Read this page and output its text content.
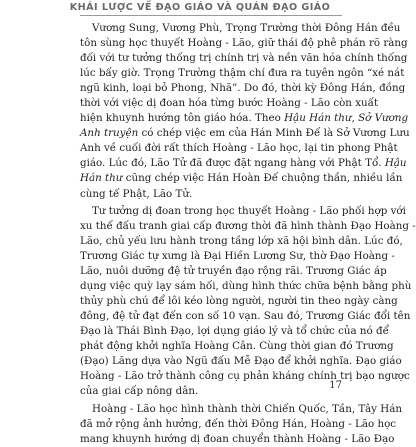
KHÁI LƯỢC VỀ ĐẠO GIÁO VÀ QUÁN ĐẠO GIÁO
Vương Sung, Vương Phù, Trọng Trường thời Đông Hán đều
tôn sùng học thuyết Hoàng - Lão, giữ thái độ phê phán rõ ràng
đối với tư tưởng thống trị chính trị và nền văn hóa chính thống
lúc bấy giờ. Trọng Trường thậm chí đưa ra tuyên ngôn “xé nát
ngũ kinh, loại bỏ Phong, Nhã”. Do đó, thời kỳ Đông Hán, đồng
thời với việc dị đoan hóa từng bước Hoàng - Lão còn xuất
hiện khuynh hướng tôn giáo hóa. Theo Hậu Hán thư, Sở Vương
Anh truyện có chép việc em của Hán Minh Đế là Sở Vương Lưu
Anh về cuối đời rất thích Hoàng - Lão học, lại tin phong Phật
giáo. Lúc đó, Lão Tử đã được đặt ngang hàng với Phật Tổ. Hậu
Hán thư cũng chép việc Hán Hoàn Đế chuộng thần, nhiều lần
cùng tế Phật, Lão Tử.
Tư tưởng dị đoan trong học thuyết Hoàng - Lão phối hợp với
xu thế đấu tranh giai cấp đương thời đã hình thành Đạo Hoàng -
Lão, chủ yếu lưu hành trong tầng lớp xã hội bình dân. Lúc đó,
Trương Giác tự xưng là Đại Hiền Lương Sư, thờ Đạo Hoàng -
Lão, nuôi dưỡng đệ tử truyền đạo rộng rãi. Trương Giác áp
dụng việc quỳ lạy sám hối, dùng hình thức chữa bệnh bằng phù
thủy phù chú để lôi kéo lòng người, người tin theo ngày càng
đông, đệ tử đạt đến con số 10 vạn. Sau đó, Trương Giác đổi tên
Đạo là Thái Bình Đạo, lợi dụng giáo lý và tổ chức của nó để
phát động khởi nghĩa Hoàng Cân. Cùng thời gian đó Trương
(Đạo) Lăng dựa vào Ngũ đấu Mễ Đạo để khởi nghĩa. Đạo giáo
Hoàng - Lão trở thành công cụ phản kháng chính trị bạo ngược
của giai cấp nông dân.
Hoàng - Lão học hình thành thời Chiến Quốc, Tần, Tây Hán
đã mở rộng ảnh hưởng, đến thời Đông Hán, Hoàng - Lão học
mang khuynh hướng dị đoan chuyển thành Hoàng - Lão Đạo
17
